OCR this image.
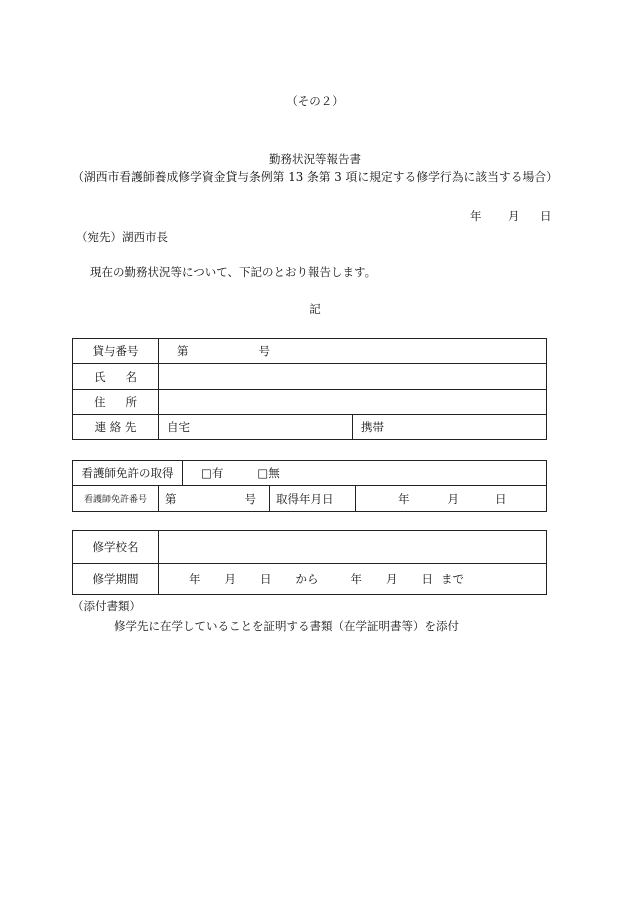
（その２）
勤務状況等報告書
（湖西市看護師養成修学資金貸与条例第 13 条第 3 項に規定する修学行為に該当する場合）
年 月 日
（宛先）湖西市長
現在の勤務状況等について、下記のとおり報告します。
記
貸与番号	第 号	
氏 名		
住 所		
連 絡 先	自宅	携帯
看護師免許の取得		□有 □無		
看護師免許番号	第 号		取得年月日	年 月 日
修学校名	
修学期間	年 月 日 から 年 月 日 まで
（添付書類）
修学先に在学していることを証明する書類（在学証明書等）を添付
